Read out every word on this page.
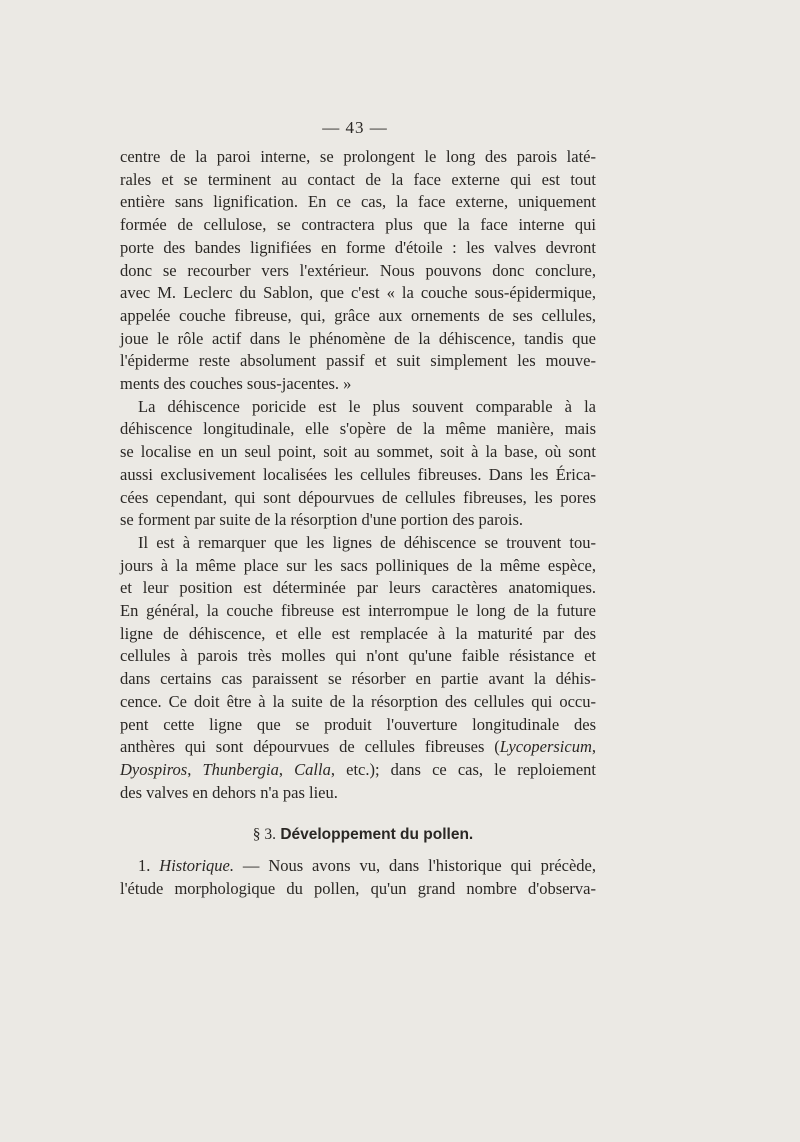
— 43 —
centre de la paroi interne, se prolongent le long des parois laté-
rales et se terminent au contact de la face externe qui est tout
entière sans lignification. En ce cas, la face externe, uniquement
formée de cellulose, se contractera plus que la face interne qui
porte des bandes lignifiées en forme d'étoile : les valves devront
donc se recourber vers l'extérieur. Nous pouvons donc conclure,
avec M. Leclerc du Sablon, que c'est « la couche sous-épidermique,
appelée couche fibreuse, qui, grâce aux ornements de ses cellules,
joue le rôle actif dans le phénomène de la déhiscence, tandis que
l'épiderme reste absolument passif et suit simplement les mouve-
ments des couches sous-jacentes. »
La déhiscence poricide est le plus souvent comparable à la
déhiscence longitudinale, elle s'opère de la même manière, mais
se localise en un seul point, soit au sommet, soit à la base, où sont
aussi exclusivement localisées les cellules fibreuses. Dans les Érica-
cées cependant, qui sont dépourvues de cellules fibreuses, les pores
se forment par suite de la résorption d'une portion des parois.
Il est à remarquer que les lignes de déhiscence se trouvent tou-
jours à la même place sur les sacs polliniques de la même espèce,
et leur position est déterminée par leurs caractères anatomiques.
En général, la couche fibreuse est interrompue le long de la future
ligne de déhiscence, et elle est remplacée à la maturité par des
cellules à parois très molles qui n'ont qu'une faible résistance et
dans certains cas paraissent se résorber en partie avant la déhis-
cence. Ce doit être à la suite de la résorption des cellules qui occu-
pent cette ligne que se produit l'ouverture longitudinale des
anthères qui sont dépourvues de cellules fibreuses (Lycopersicum,
Dyospiros, Thunbergia, Calla, etc.); dans ce cas, le reploiement
des valves en dehors n'a pas lieu.
§ 3. Développement du pollen.
1. Historique. — Nous avons vu, dans l'historique qui précède,
l'étude morphologique du pollen, qu'un grand nombre d'observa-
